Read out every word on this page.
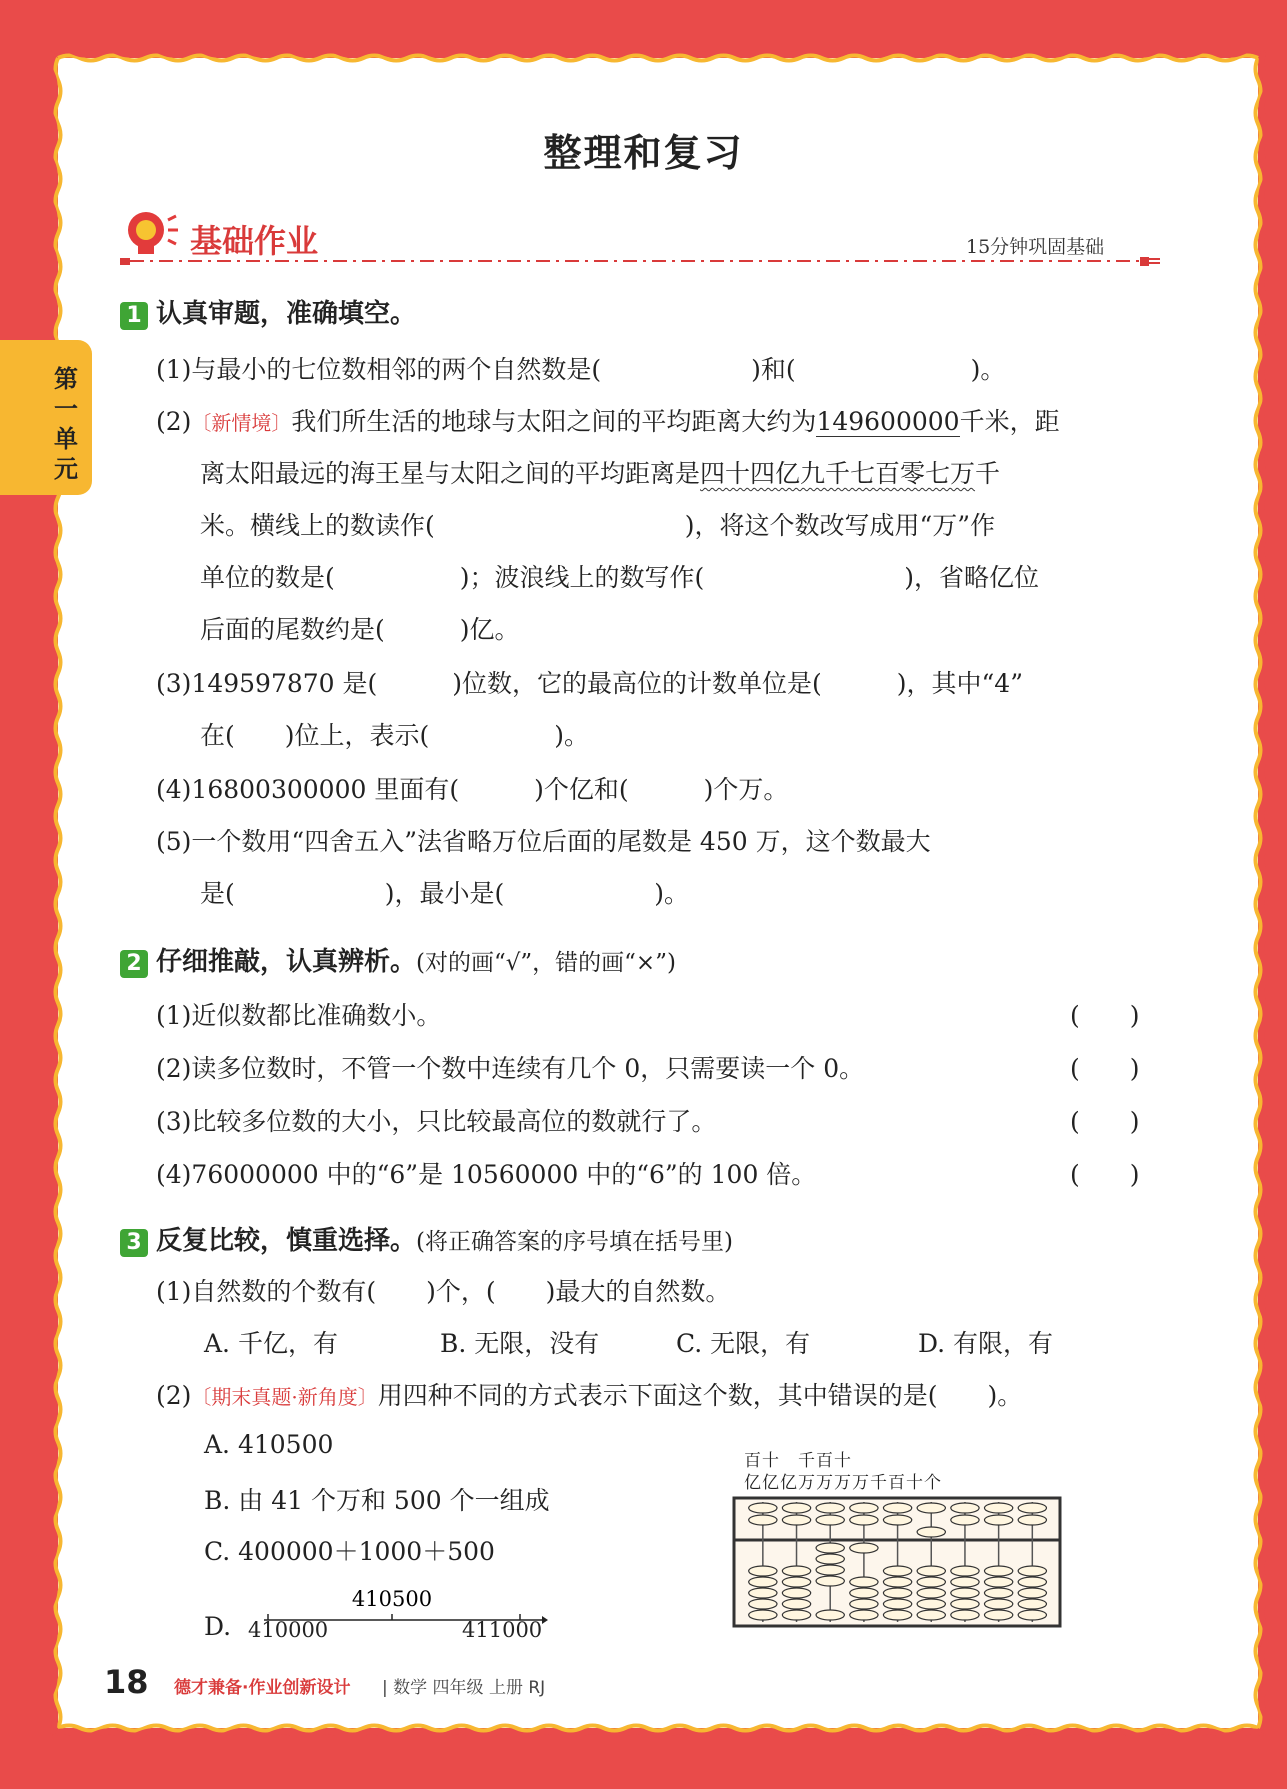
第一单元
整理和复习
基础作业	15分钟巩固基础
1 认真审题，准确填空。
(1)与最小的七位数相邻的两个自然数是(　　　　　　)和(　　　　　　　)。
(2)〔新情境〕我们所生活的地球与太阳之间的平均距离大约为149600000千米，距
离太阳最远的海王星与太阳之间的平均距离是四十四亿九千七百零七万千
米。横线上的数读作(　　　　　　　　　　)，将这个数改写成用“万”作
单位的数是(　　　　　)；波浪线上的数写作(　　　　　　　　)，省略亿位
后面的尾数约是(　　　)亿。
(3)149597870 是(　　　)位数，它的最高位的计数单位是(　　　)，其中“4”
在(　　)位上，表示(　　　　　)。
(4)16800300000 里面有(　　　)个亿和(　　　)个万。
(5)一个数用“四舍五入”法省略万位后面的尾数是 450 万，这个数最大
是(　　　　　　)，最小是(　　　　　　)。
2 仔细推敲，认真辨析。(对的画“√”，错的画“×”)
(1)近似数都比准确数小。	(　　)
(2)读多位数时，不管一个数中连续有几个 0，只需要读一个 0。	(　　)
(3)比较多位数的大小，只比较最高位的数就行了。	(　　)
(4)76000000 中的“6”是 10560000 中的“6”的 100 倍。	(　　)
3 反复比较，慎重选择。(将正确答案的序号填在括号里)
(1)自然数的个数有(　　)个，(　　)最大的自然数。
A. 千亿，有	B. 无限，没有	C. 无限，有	D. 有限，有
(2)〔期末真题·新角度〕用四种不同的方式表示下面这个数，其中错误的是(　　)。
A. 410500
B. 由 41 个万和 500 个一组成
C. 400000＋1000＋500
D.
410500
410000	411000
百十　千百十
亿亿亿万万万万千百十个
18 德才兼备·作业创新设计 | 数学 四年级 上册 RJ
